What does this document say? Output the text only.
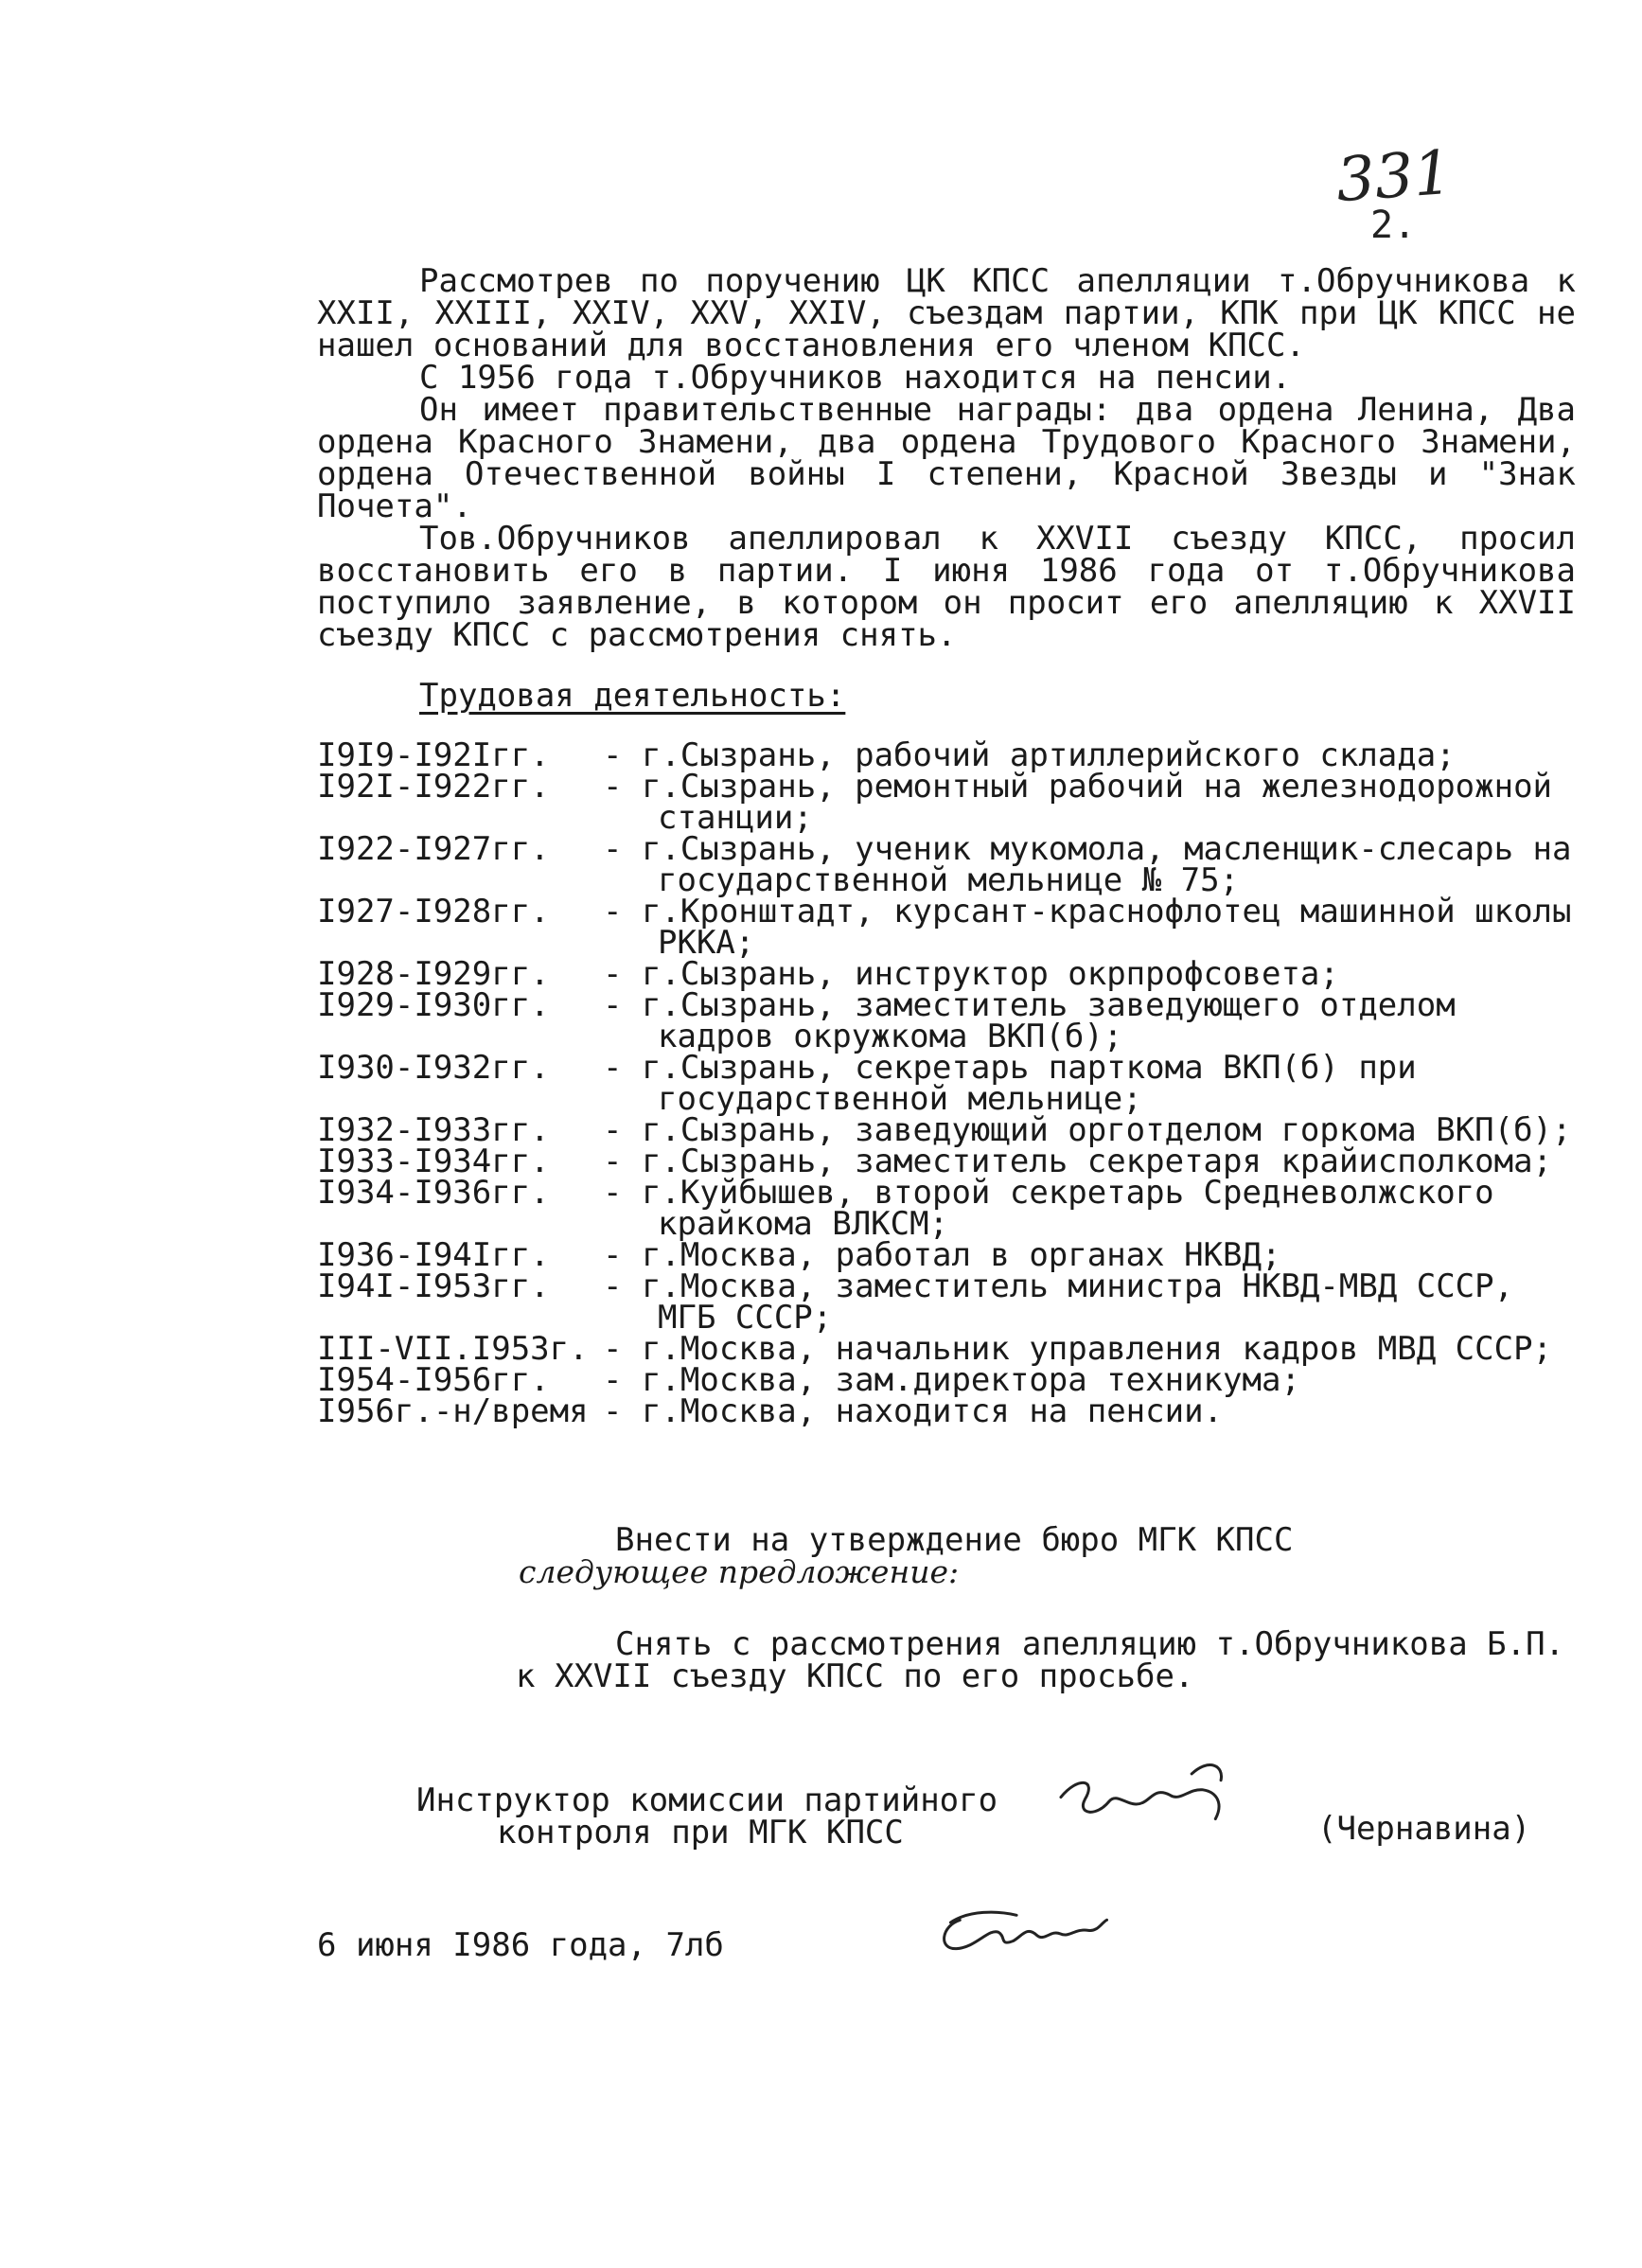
331
2.

Рассмотрев по поручению ЦК КПСС апелляции т.Обручникова к XXII, XXIII, XXIV, XXV, XXIV, съездам партии, КПК при ЦК КПСС не нашел оснований для восстановления его членом КПСС.

С 1956 года т.Обручников находится на пенсии.

Он имеет правительственные награды: два ордена Ленина, Два ордена Красного Знамени, два ордена Трудового Красного Знамени, ордена Отечественной войны I степени, Красной Звезды и "Знак Почета".

Тов.Обручников апеллировал к XXVII съезду КПСС, просил восстановить его в партии. I июня 1986 года от т.Обручникова поступило заявление, в котором он просит его апелляцию к XXVII съезду КПСС с рассмотрения снять.

Трудовая деятельность:
I9I9-I92Iгг.	- г.Сызрань, рабочий артиллерийского склада;
I92I-I922гг.	- г.Сызрань, ремонтный рабочий на железнодорожной станции;
I922-I927гг.	- г.Сызрань, ученик мукомола, масленщик-слесарь на государственной мельнице № 75;
I927-I928гг.	- г.Кронштадт, курсант-краснофлотец машинной школы РККА;
I928-I929гг.	- г.Сызрань, инструктор окрпрофсовета;
I929-I930гг.	- г.Сызрань, заместитель заведующего отделом кадров окружкома ВКП(б);
I930-I932гг.	- г.Сызрань, секретарь парткома ВКП(б) при государственной мельнице;
I932-I933гг.	- г.Сызрань, заведующий орготделом горкома ВКП(б);
I933-I934гг.	- г.Сызрань, заместитель секретаря крайисполкома;
I934-I936гг.	- г.Куйбышев, второй секретарь Средневолжского крайкома ВЛКСМ;
I936-I94Iгг.	- г.Москва, работал в органах НКВД;
I94I-I953гг.	- г.Москва, заместитель министра НКВД-МВД СССР, МГБ СССР;
III-VII.I953г. - г.Москва, начальник управления кадров МВД СССР;
I954-I956гг.	- г.Москва, зам.директора техникума;
I956г.-н/время - г.Москва, находится на пенсии.
Внести на утверждение бюро МГК КПСС
следующее предложение:
Снять с рассмотрения апелляцию т.Обручникова Б.П.
к XXVII съезду КПСС по его просьбе.
Инструктор комиссии партийного
контроля при МГК КПСС	(Чернавина)
6 июня I986 года, 7лб
